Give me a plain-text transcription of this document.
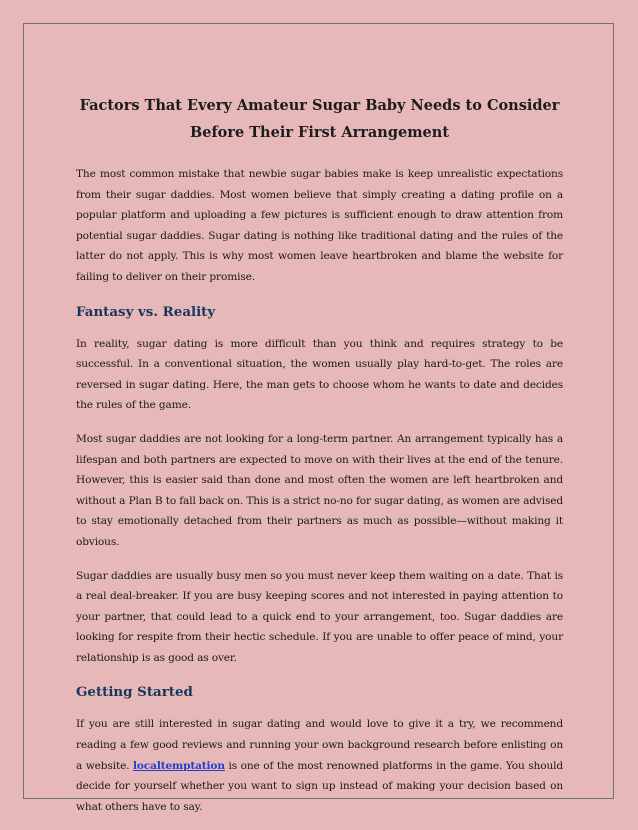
Factors That Every Amateur Sugar Baby Needs to Consider
Before Their First Arrangement

The most common mistake that newbie sugar babies make is keep unrealistic expectations from their sugar daddies. Most women believe that simply creating a dating profile on a popular platform and uploading a few pictures is sufficient enough to draw attention from potential sugar daddies. Sugar dating is nothing like traditional dating and the rules of the latter do not apply. This is why most women leave heartbroken and blame the website for failing to deliver on their promise.

Fantasy vs. Reality

In reality, sugar dating is more difficult than you think and requires strategy to be successful. In a conventional situation, the women usually play hard-to-get. The roles are reversed in sugar dating. Here, the man gets to choose whom he wants to date and decides the rules of the game.

Most sugar daddies are not looking for a long-term partner. An arrangement typically has a lifespan and both partners are expected to move on with their lives at the end of the tenure. However, this is easier said than done and most often the women are left heartbroken and without a Plan B to fall back on. This is a strict no-no for sugar dating, as women are advised to stay emotionally detached from their partners as much as possible—without making it obvious.

Sugar daddies are usually busy men so you must never keep them waiting on a date. That is a real deal-breaker. If you are busy keeping scores and not interested in paying attention to your partner, that could lead to a quick end to your arrangement, too. Sugar daddies are looking for respite from their hectic schedule. If you are unable to offer peace of mind, your relationship is as good as over.

Getting Started

If you are still interested in sugar dating and would love to give it a try, we recommend reading a few good reviews and running your own background research before enlisting on a website. localtemptation is one of the most renowned platforms in the game. You should decide for yourself whether you want to sign up instead of making your decision based on what others have to say.
